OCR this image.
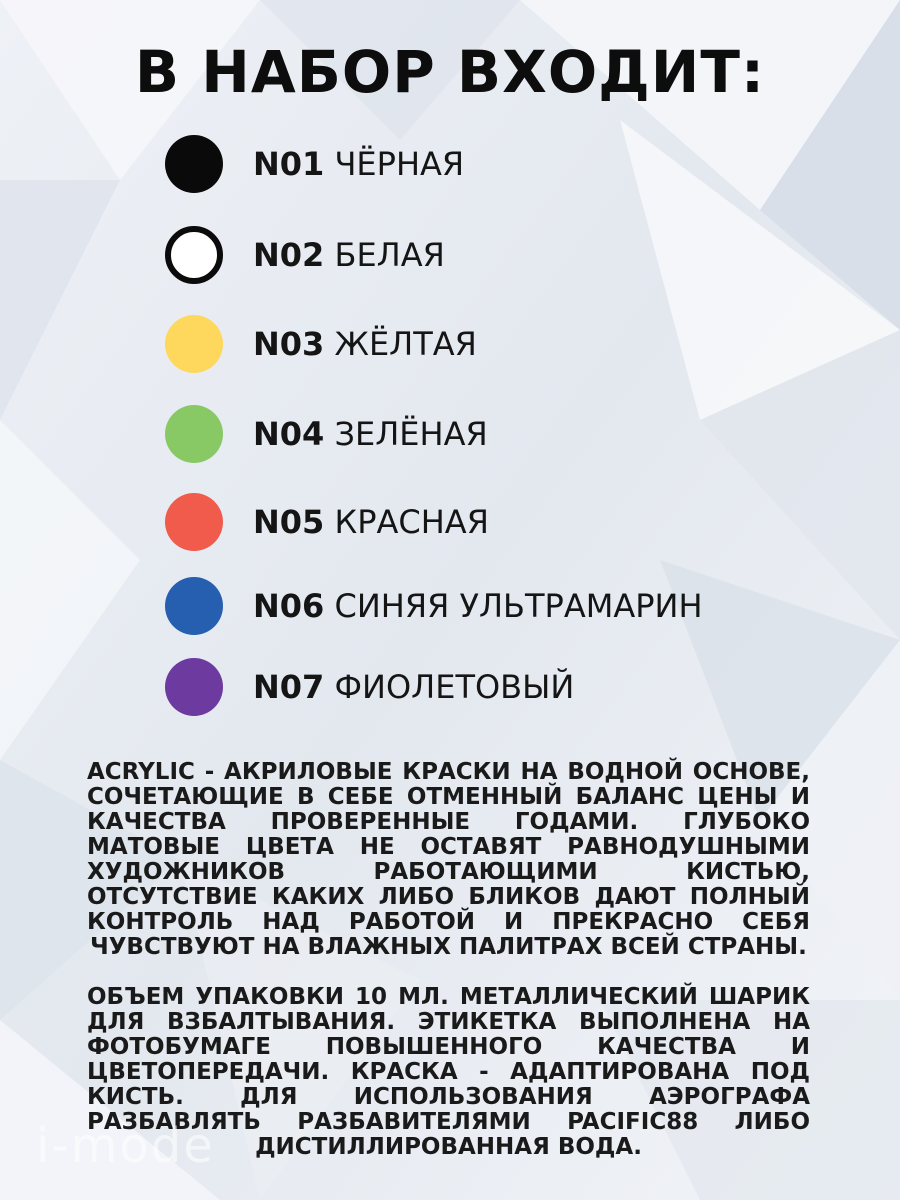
В НАБОР ВХОДИТ:
N01 ЧЁРНАЯ
N02 БЕЛАЯ
N03 ЖЁЛТАЯ
N04 ЗЕЛЁНАЯ
N05 КРАСНАЯ
N06 СИНЯЯ УЛЬТРАМАРИН
N07 ФИОЛЕТОВЫЙ
ACRYLIC - АКРИЛОВЫЕ КРАСКИ НА ВОДНОЙ ОСНОВЕ, СОЧЕТАЮЩИЕ В СЕБЕ ОТМЕННЫЙ БАЛАНС ЦЕНЫ И КАЧЕСТВА ПРОВЕРЕННЫЕ ГОДАМИ. ГЛУБОКО МАТОВЫЕ ЦВЕТА НЕ ОСТАВЯТ РАВНОДУШНЫМИ ХУДОЖНИКОВ РАБОТАЮЩИМИ КИСТЬЮ, ОТСУТСТВИЕ КАКИХ ЛИБО БЛИКОВ ДАЮТ ПОЛНЫЙ КОНТРОЛЬ НАД РАБОТОЙ И ПРЕКРАСНО СЕБЯ ЧУВСТВУЮТ НА ВЛАЖНЫХ ПАЛИТРАХ ВСЕЙ СТРАНЫ.
ОБЪЕМ УПАКОВКИ 10 МЛ. МЕТАЛЛИЧЕСКИЙ ШАРИК ДЛЯ ВЗБАЛТЫВАНИЯ. ЭТИКЕТКА ВЫПОЛНЕНА НА ФОТОБУМАГЕ ПОВЫШЕННОГО КАЧЕСТВА И ЦВЕТОПЕРЕДАЧИ. КРАСКА - АДАПТИРОВАНА ПОД КИСТЬ. ДЛЯ ИСПОЛЬЗОВАНИЯ АЭРОГРАФА РАЗБАВЛЯТЬ РАЗБАВИТЕЛЯМИ PACIFIC88 ЛИБО ДИСТИЛЛИРОВАННАЯ ВОДА.
i-mode
